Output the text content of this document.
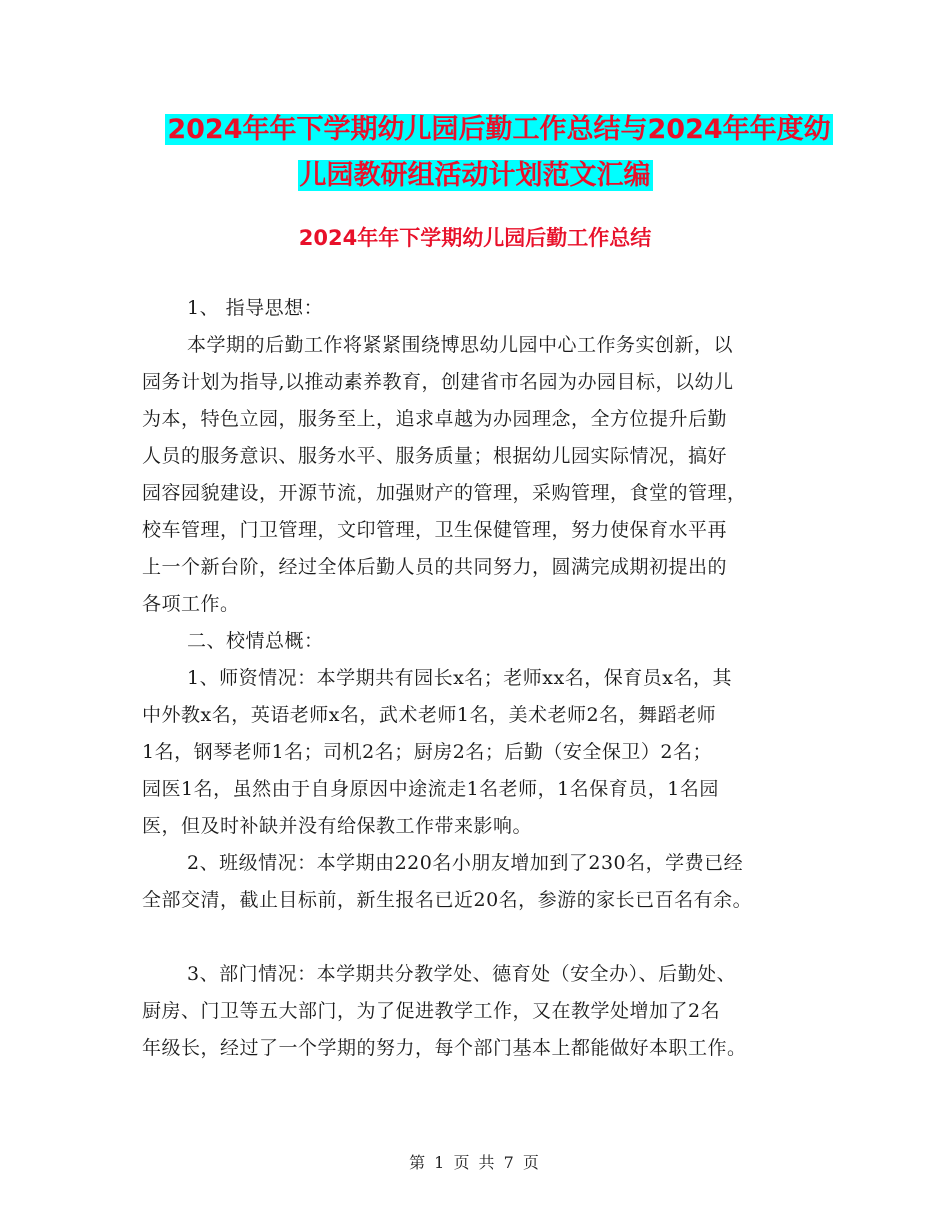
2024年年下学期幼儿园后勤工作总结与2024年年度幼
儿园教研组活动计划范文汇编
2024年年下学期幼儿园后勤工作总结
1、 指导思想：
本学期的后勤工作将紧紧围绕博思幼儿园中心工作务实创新，以
园务计划为指导,以推动素养教育，创建省市名园为办园目标，以幼儿
为本，特色立园，服务至上，追求卓越为办园理念，全方位提升后勤
人员的服务意识、服务水平、服务质量；根据幼儿园实际情况，搞好
园容园貌建设，开源节流，加强财产的管理，采购管理，食堂的管理，
校车管理，门卫管理，文印管理，卫生保健管理，努力使保育水平再
上一个新台阶，经过全体后勤人员的共同努力，圆满完成期初提出的
各项工作。
二、校情总概：
1、师资情况：本学期共有园长x名；老师xx名，保育员x名，其
中外教x名，英语老师x名，武术老师1名，美术老师2名，舞蹈老师
1名，钢琴老师1名；司机2名；厨房2名；后勤（安全保卫）2名；
园医1名，虽然由于自身原因中途流走1名老师，1名保育员，1名园
医，但及时补缺并没有给保教工作带来影响。
2、班级情况：本学期由220名小朋友增加到了230名，学费已经
全部交清，截止目标前，新生报名已近20名，参游的家长已百名有余。
3、部门情况：本学期共分教学处、德育处（安全办）、后勤处、
厨房、门卫等五大部门，为了促进教学工作，又在教学处增加了2名
年级长，经过了一个学期的努力，每个部门基本上都能做好本职工作。
第 1 页 共 7 页
